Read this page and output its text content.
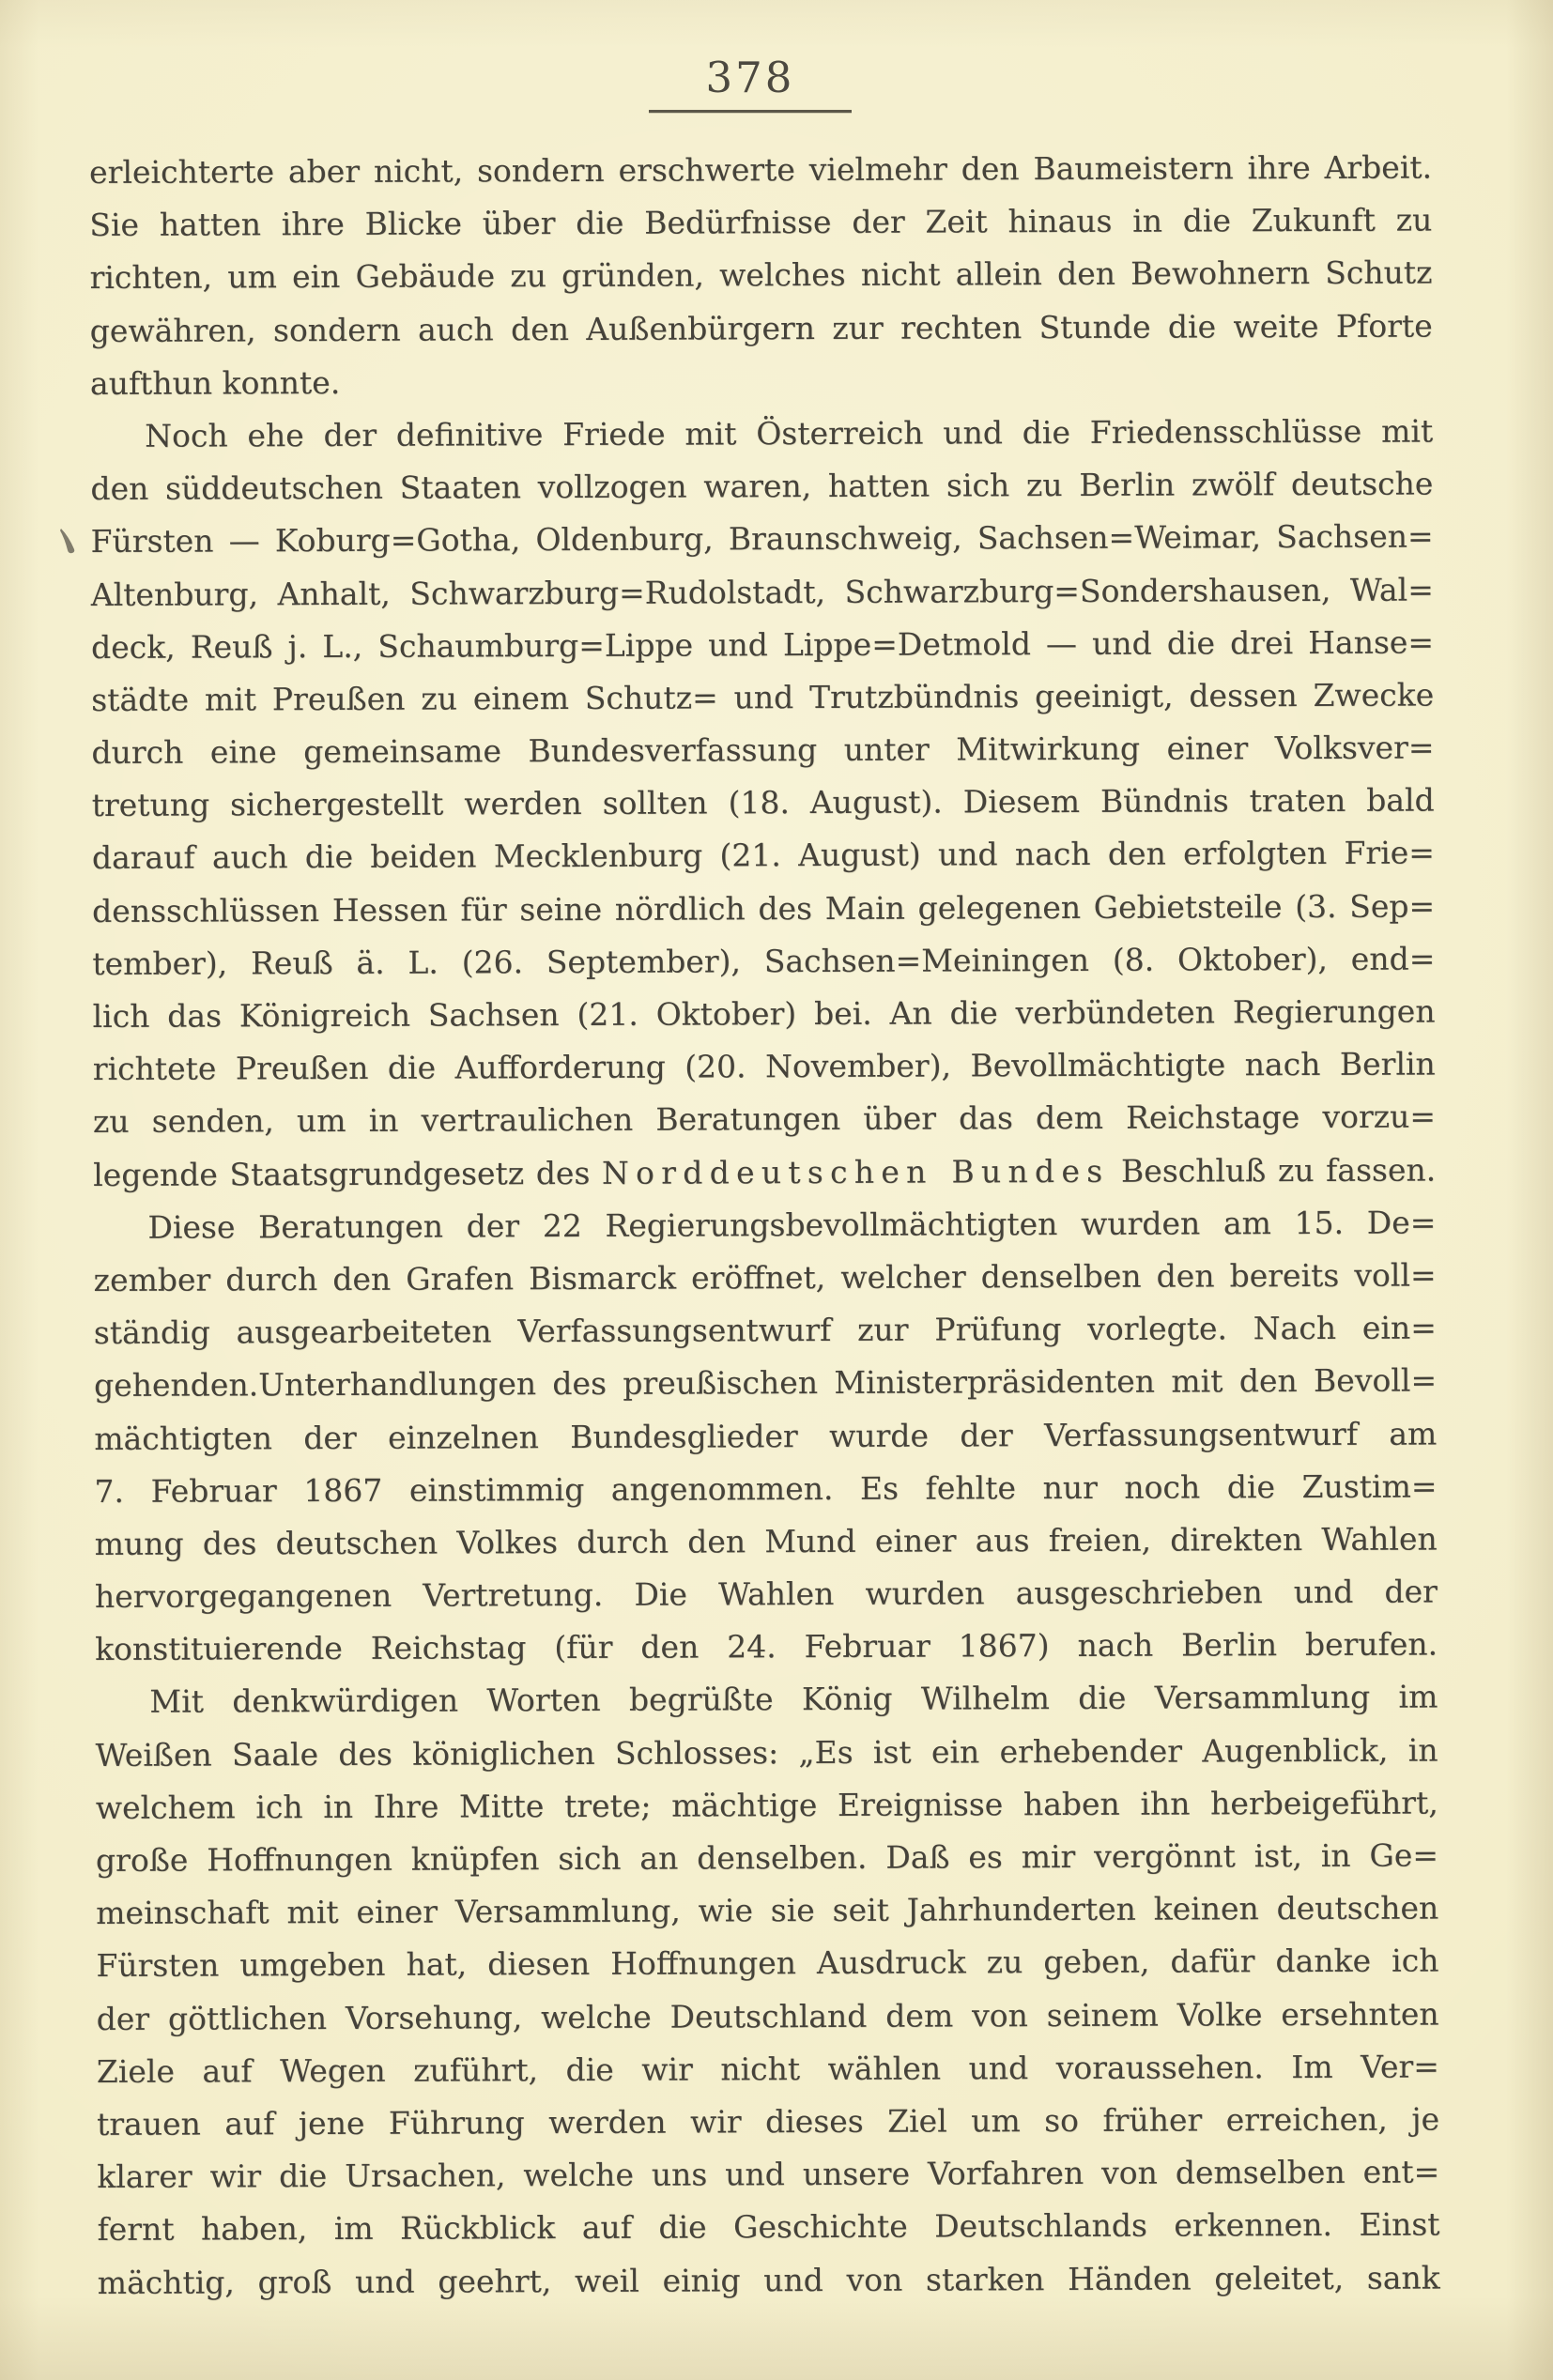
378
erleichterte aber nicht, sondern erschwerte vielmehr den Baumeistern ihre Arbeit.
Sie hatten ihre Blicke über die Bedürfnisse der Zeit hinaus in die Zukunft zu
richten, um ein Gebäude zu gründen, welches nicht allein den Bewohnern Schutz
gewähren, sondern auch den Außenbürgern zur rechten Stunde die weite Pforte
aufthun konnte.
Noch ehe der definitive Friede mit Österreich und die Friedensschlüsse mit
den süddeutschen Staaten vollzogen waren, hatten sich zu Berlin zwölf deutsche
Fürsten — Koburg=Gotha, Oldenburg, Braunschweig, Sachsen=Weimar, Sachsen=
Altenburg, Anhalt, Schwarzburg=Rudolstadt, Schwarzburg=Sondershausen, Wal=
deck, Reuß j. L., Schaumburg=Lippe und Lippe=Detmold — und die drei Hanse=
städte mit Preußen zu einem Schutz= und Trutzbündnis geeinigt, dessen Zwecke
durch eine gemeinsame Bundesverfassung unter Mitwirkung einer Volksver=
tretung sichergestellt werden sollten (18. August). Diesem Bündnis traten bald
darauf auch die beiden Mecklenburg (21. August) und nach den erfolgten Frie=
densschlüssen Hessen für seine nördlich des Main gelegenen Gebietsteile (3. Sep=
tember), Reuß ä. L. (26. September), Sachsen=Meiningen (8. Oktober), end=
lich das Königreich Sachsen (21. Oktober) bei. An die verbündeten Regierungen
richtete Preußen die Aufforderung (20. November), Bevollmächtigte nach Berlin
zu senden, um in vertraulichen Beratungen über das dem Reichstage vorzu=
legende Staatsgrundgesetz des Norddeutschen Bundes Beschluß zu fassen.
Diese Beratungen der 22 Regierungsbevollmächtigten wurden am 15. De=
zember durch den Grafen Bismarck eröffnet, welcher denselben den bereits voll=
ständig ausgearbeiteten Verfassungsentwurf zur Prüfung vorlegte. Nach ein=
gehenden.Unterhandlungen des preußischen Ministerpräsidenten mit den Bevoll=
mächtigten der einzelnen Bundesglieder wurde der Verfassungsentwurf am
7. Februar 1867 einstimmig angenommen. Es fehlte nur noch die Zustim=
mung des deutschen Volkes durch den Mund einer aus freien, direkten Wahlen
hervorgegangenen Vertretung. Die Wahlen wurden ausgeschrieben und der
konstituierende Reichstag (für den 24. Februar 1867) nach Berlin berufen.
Mit denkwürdigen Worten begrüßte König Wilhelm die Versammlung im
Weißen Saale des königlichen Schlosses: „Es ist ein erhebender Augenblick, in
welchem ich in Ihre Mitte trete; mächtige Ereignisse haben ihn herbeigeführt,
große Hoffnungen knüpfen sich an denselben. Daß es mir vergönnt ist, in Ge=
meinschaft mit einer Versammlung, wie sie seit Jahrhunderten keinen deutschen
Fürsten umgeben hat, diesen Hoffnungen Ausdruck zu geben, dafür danke ich
der göttlichen Vorsehung, welche Deutschland dem von seinem Volke ersehnten
Ziele auf Wegen zuführt, die wir nicht wählen und voraussehen. Im Ver=
trauen auf jene Führung werden wir dieses Ziel um so früher erreichen, je
klarer wir die Ursachen, welche uns und unsere Vorfahren von demselben ent=
fernt haben, im Rückblick auf die Geschichte Deutschlands erkennen. Einst
mächtig, groß und geehrt, weil einig und von starken Händen geleitet, sank
